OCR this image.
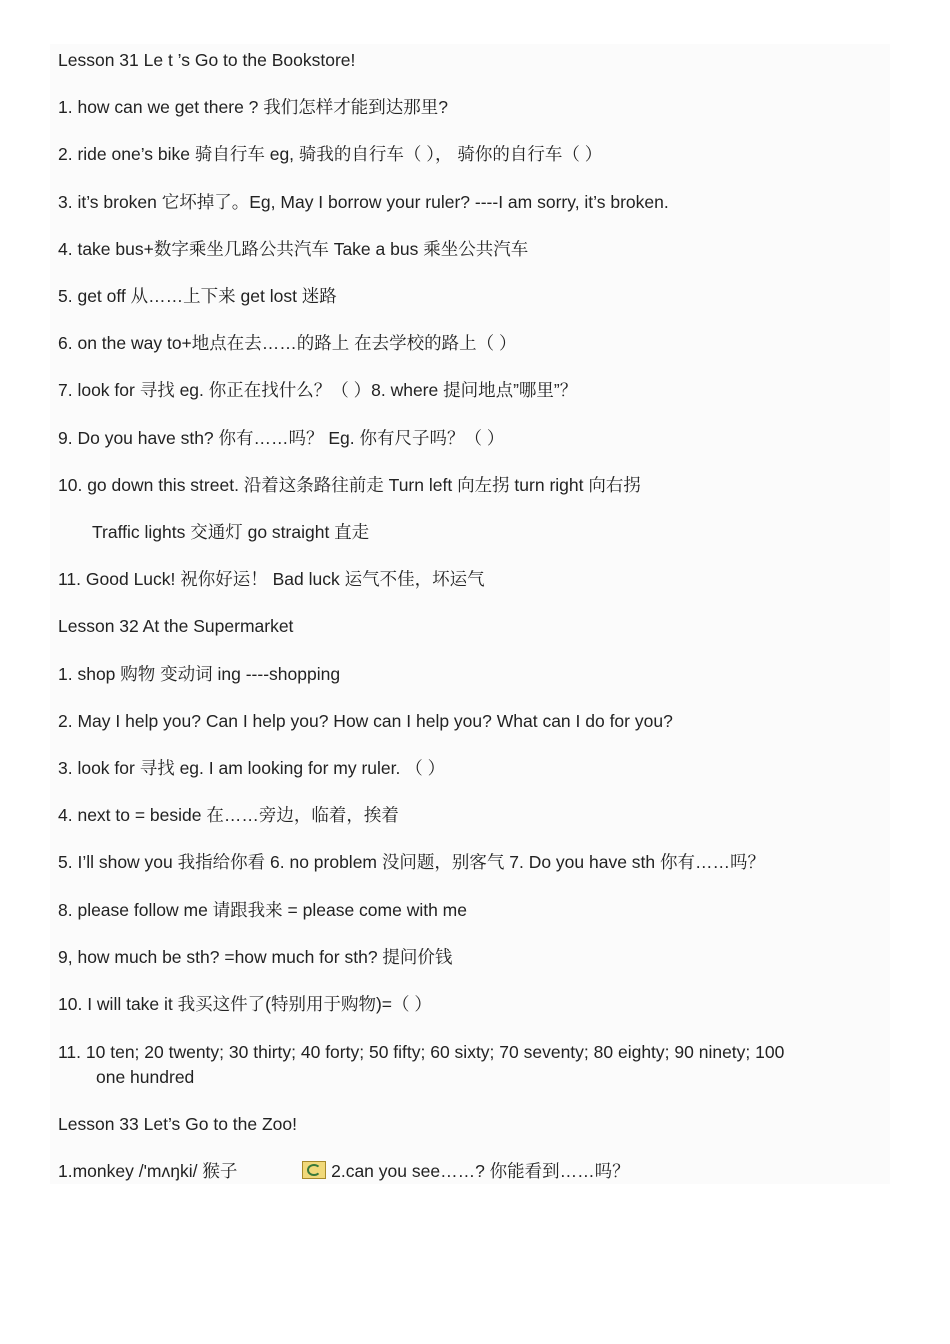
Lesson 31 Le t ’s Go to the Bookstore!
1. how can we get there ? 我们怎样才能到达那里?
2. ride one’s bike 骑自行车 eg, 骑我的自行车（ ）， 骑你的自行车（ ）
3. it’s broken 它坏掉了。Eg, May I borrow your ruler? ----I am sorry, it’s broken.
4. take bus+数字乘坐几路公共汽车 Take a bus 乘坐公共汽车
5. get off 从……上下来 get lost 迷路
6. on the way to+地点在去……的路上 在去学校的路上（ ）
7. look for 寻找 eg. 你正在找什么？（ ）8. where 提问地点”哪里”？
9. Do you have sth? 你有……吗？ Eg. 你有尺子吗？（ ）
10. go down this street. 沿着这条路往前走 Turn left 向左拐 turn right 向右拐
Traffic lights 交通灯 go straight 直走
11. Good Luck! 祝你好运！ Bad luck 运气不佳，坏运气
Lesson 32 At the Supermarket
1. shop 购物 变动词 ing ----shopping
2. May I help you? Can I help you? How can I help you? What can I do for you?
3. look for 寻找 eg. I am looking for my ruler. （ ）
4. next to = beside 在……旁边，临着，挨着
5. I’ll show you 我指给你看 6. no problem 没问题，别客气 7. Do you have sth 你有……吗？
8. please follow me 请跟我来 = please come with me
9, how much be sth? =how much for sth? 提问价钱
10. I will take it 我买这件了(特别用于购物)=（ ）
11. 10 ten; 20 twenty; 30 thirty; 40 forty; 50 fifty; 60 sixty; 70 seventy; 80 eighty; 90 ninety; 100
one hundred
Lesson 33 Let’s Go to the Zoo!
1.monkey /'mʌŋki/ 猴子	2.can you see……? 你能看到……吗？
